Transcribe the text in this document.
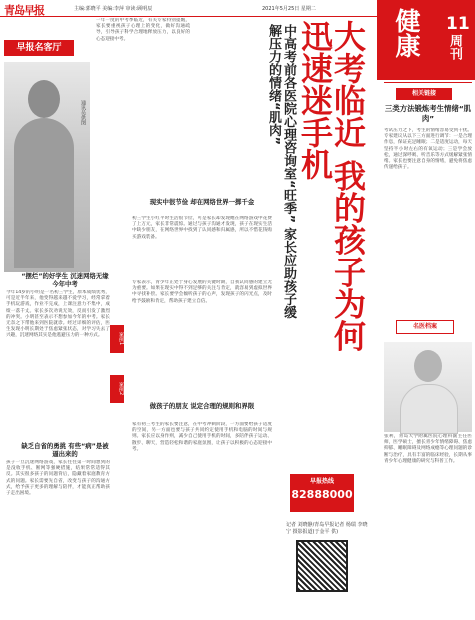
青岛早报	主编:郭晓平 美编:李萍 审读:顾明辰	2021年5月25日 星期二	健康 11
周刊
早报名客厅
通讯员供图
一年一度的中考季临近，有关专家特别提醒，家长要重视孩子心理上的变化，做好沟通疏导，引导孩子科学合理地释放压力，以良好的心态迎接中考。
“摆烂”的好学生 沉迷网络无缘今年中考
今年14岁的小明是一名初三学生，原本成绩优秀，可是近半年来，他变得越来越不爱学习，经常拿着手机玩游戏，作业不完成，上课注意力不集中，成绩一落千丈。家长多次劝说无效，反而引发了激烈的冲突。小明甚至表示不想参加今年的中考。家长无奈之下带他来到医院就诊。经过详细的评估，医生发现小明长期处于焦虑紧张状态，对学习失去了兴趣，沉迷网络其实是他逃避压力的一种方式。	案例1
案例2
缺乏自省的勇挑 有些“病”是被逼出来的
孩子一旦沉迷网络游戏，家长往往第一时间想到的是没收手机、断网等强硬措施，结果常常适得其反。其实很多孩子的问题背后，隐藏着家庭教育方式的问题。家长需要先自省，改变与孩子的沟通方式，给予孩子更多的理解与陪伴，才能真正帮助孩子走出困境。
现实中很节俭 却在网络世界一掷千金
初三学生小红平时生活很节俭，可是家长却发现她在网络游戏中花费了上万元，家长非常震惊。通过与孩子沟通才发现，孩子在现实生活中缺少朋友，在网络世界中找到了认同感和归属感，所以不惜花钱购买游戏装备。
专家表示，青少年正处于身心发展的关键时期，自我认同感的建立尤为重要。如果在现实中得不到足够的关注与肯定，就容易到虚拟世界中寻找补偿。家长要学会倾听孩子的心声，发现孩子的闪光点，及时给予鼓励和肯定，帮助孩子建立自信。
做孩子的朋友 说定合理的规则和界限
家有初三考生的家长要注意，在中考冲刺阶段，一方面要给孩子适度的空间，另一方面也要与孩子共同约定使用手机和电脑的时间与规则。家长应以身作则，减少自己使用手机的时间，多陪伴孩子运动、散步、聊天，营造轻松和谐的家庭氛围，让孩子以积极的心态迎接中考。
中高考前各医院心理咨询室“旺季” 家长应助孩子缓解压力的情绪“肌肉”	大考临近 我的孩子为何迅速迷手机
早报热线
82888000
记者 刘晓静/青岛早报记者 杨瑞 李晓宁 摄影报道(于金平 供)
相关链接
三类方法锻炼考生情绪“肌肉”
考试压力之下，考生的情绪容易受到干扰。专家建议从以下三方面进行调节：一是合理作息，保证充足睡眠；二是适度运动，每天坚持半小时左右的有氧运动；三是学会放松，通过深呼吸、听音乐等方式缓解紧张情绪。家长也要注意自身的情绪，避免将焦虑传递给孩子。
名医档案
张利，青岛大学附属医院心理科副主任医师，医学硕士，擅长青少年情绪障碍、焦虑抑郁、睡眠障碍及网络成瘾等心理问题的诊断与治疗，具有丰富的临床经验，长期从事青少年心理健康的研究与科普工作。
